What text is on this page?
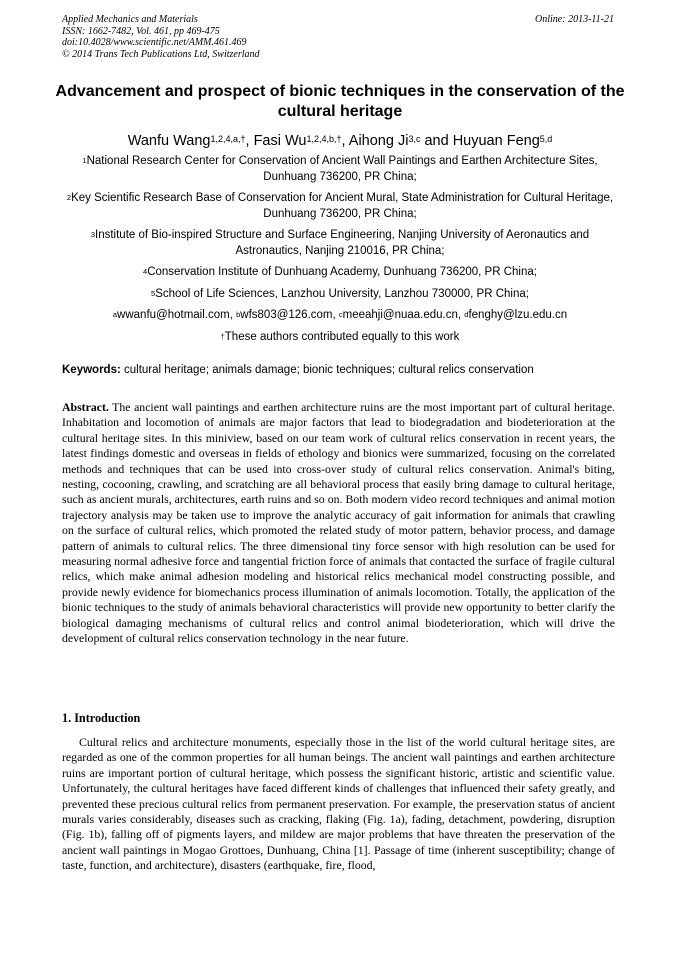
Applied Mechanics and Materials
ISSN: 1662-7482, Vol. 461, pp 469-475
doi:10.4028/www.scientific.net/AMM.461.469
© 2014 Trans Tech Publications Ltd, Switzerland
Online: 2013-11-21
Advancement and prospect of bionic techniques in the conservation of the cultural heritage
Wanfu Wang$^{1,2,4,a,\dagger}$, Fasi $Wu^{1,2,4,b,\dagger}$, Aihong Ji$^{3,c}$ and Huyuan Feng$^{5,d}$
$^1$National Research Center for Conservation of Ancient Wall Paintings and Earthen Architecture Sites, Dunhuang 736200, PR China;
$^2$Key Scientific Research Base of Conservation for Ancient Mural, State Administration for Cultural Heritage, Dunhuang 736200, PR China;
$^3$Institute of Bio-inspired Structure and Surface Engineering, Nanjing University of Aeronautics and Astronautics, Nanjing 210016, PR China;
$^4$Conservation Institute of Dunhuang Academy, Dunhuang 736200, PR China;
$^5$School of Life Sciences, Lanzhou University, Lanzhou 730000, PR China;
$^a$wwanfu@hotmail.com, $^b$wfs803@126.com, $^c$meeahji@nuaa.edu.cn, $^d$fenghy@lzu.edu.cn
†These authors contributed equally to this work
Keywords: cultural heritage; animals damage; bionic techniques; cultural relics conservation
Abstract. The ancient wall paintings and earthen architecture ruins are the most important part of cultural heritage. Inhabitation and locomotion of animals are major factors that lead to biodegradation and biodeterioration at the cultural heritage sites. In this miniview, based on our team work of cultural relics conservation in recent years, the latest findings domestic and overseas in fields of ethology and bionics were summarized, focusing on the correlated methods and techniques that can be used into cross-over study of cultural relics conservation. Animal's biting, nesting, cocooning, crawling, and scratching are all behavioral process that easily bring damage to cultural heritage, such as ancient murals, architectures, earth ruins and so on. Both modern video record techniques and animal motion trajectory analysis may be taken use to improve the analytic accuracy of gait information for animals that crawling on the surface of cultural relics, which promoted the related study of motor pattern, behavior process, and damage pattern of animals to cultural relics. The three dimensional tiny force sensor with high resolution can be used for measuring normal adhesive force and tangential friction force of animals that contacted the surface of fragile cultural relics, which make animal adhesion modeling and historical relics mechanical model constructing possible, and provide newly evidence for biomechanics process illumination of animals locomotion. Totally, the application of the bionic techniques to the study of animals behavioral characteristics will provide new opportunity to better clarify the biological damaging mechanisms of cultural relics and control animal biodeterioration, which will drive the development of cultural relics conservation technology in the near future.
1. Introduction
Cultural relics and architecture monuments, especially those in the list of the world cultural heritage sites, are regarded as one of the common properties for all human beings. The ancient wall paintings and earthen architecture ruins are important portion of cultural heritage, which possess the significant historic, artistic and scientific value. Unfortunately, the cultural heritages have faced different kinds of challenges that influenced their safety greatly, and prevented these precious cultural relics from permanent preservation. For example, the preservation status of ancient murals varies considerably, diseases such as cracking, flaking (Fig. 1a), fading, detachment, powdering, disruption (Fig. 1b), falling off of pigments layers, and mildew are major problems that have threaten the preservation of the ancient wall paintings in Mogao Grottoes, Dunhuang, China [1]. Passage of time (inherent susceptibility; change of taste, function, and architecture), disasters (earthquake, fire, flood,
